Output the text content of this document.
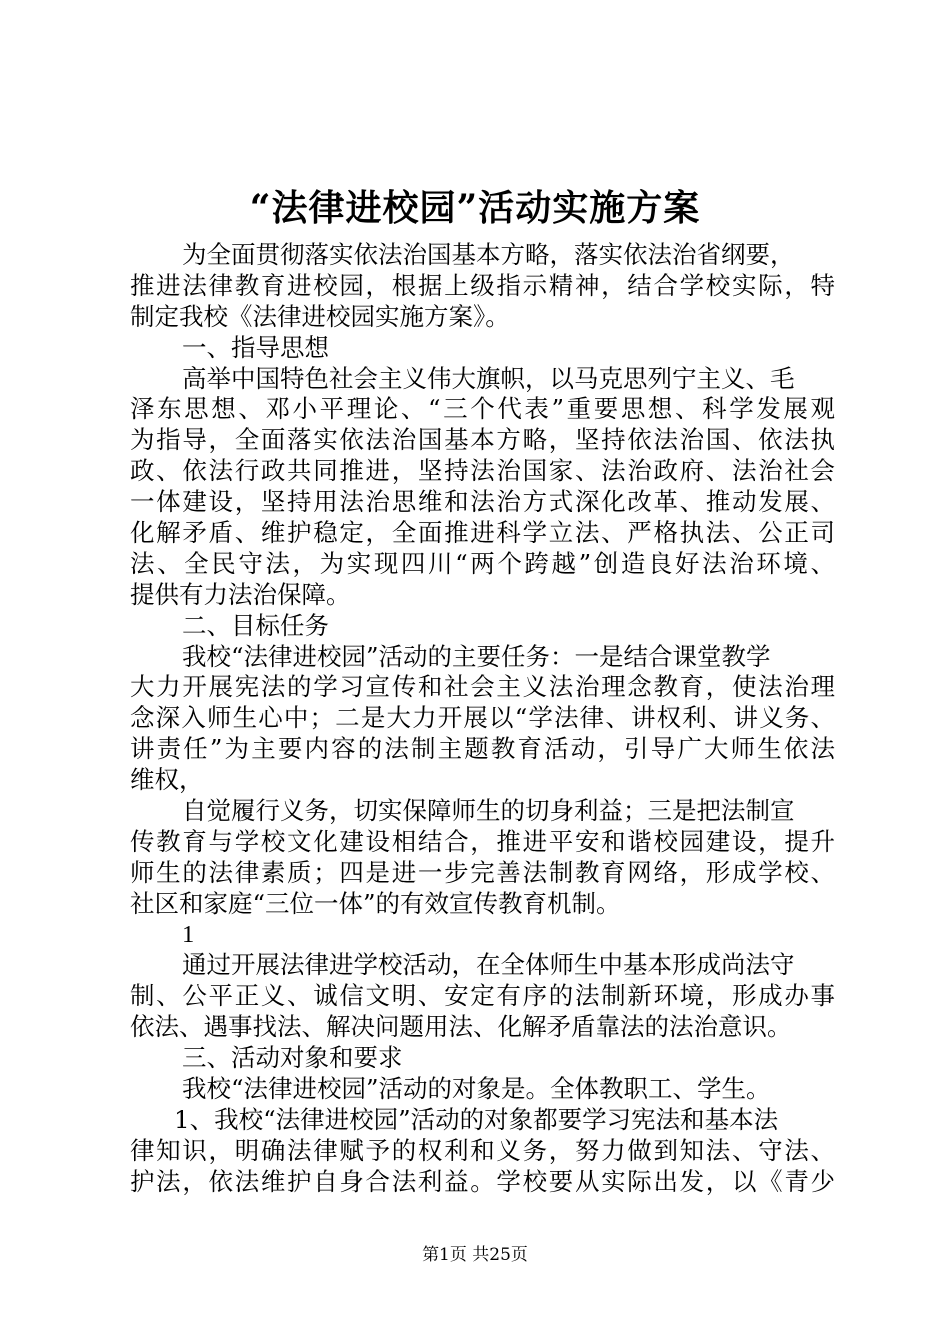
“法律进校园”活动实施方案
为全面贯彻落实依法治国基本方略，落实依法治省纲要，
推进法律教育进校园，根据上级指示精神，结合学校实际，特
制定我校《法律进校园实施方案》。
一、指导思想
高举中国特色社会主义伟大旗帜，以马克思列宁主义、毛
泽东思想、邓小平理论、“三个代表”重要思想、科学发展观
为指导，全面落实依法治国基本方略，坚持依法治国、依法执
政、依法行政共同推进，坚持法治国家、法治政府、法治社会
一体建设，坚持用法治思维和法治方式深化改革、推动发展、
化解矛盾、维护稳定，全面推进科学立法、严格执法、公正司
法、全民守法，为实现四川“两个跨越”创造良好法治环境、
提供有力法治保障。
二、目标任务
我校“法律进校园”活动的主要任务：一是结合课堂教学
大力开展宪法的学习宣传和社会主义法治理念教育，使法治理
念深入师生心中；二是大力开展以“学法律、讲权利、讲义务、
讲责任”为主要内容的法制主题教育活动，引导广大师生依法
维权，
自觉履行义务，切实保障师生的切身利益；三是把法制宣
传教育与学校文化建设相结合，推进平安和谐校园建设，提升
师生的法律素质；四是进一步完善法制教育网络，形成学校、
社区和家庭“三位一体”的有效宣传教育机制。
1
通过开展法律进学校活动，在全体师生中基本形成尚法守
制、公平正义、诚信文明、安定有序的法制新环境，形成办事
依法、遇事找法、解决问题用法、化解矛盾靠法的法治意识。
三、活动对象和要求
我校“法律进校园”活动的对象是。全体教职工、学生。
1、我校“法律进校园”活动的对象都要学习宪法和基本法
律知识，明确法律赋予的权利和义务，努力做到知法、守法、
护法，依法维护自身合法利益。学校要从实际出发，以《青少
第1页 共25页
